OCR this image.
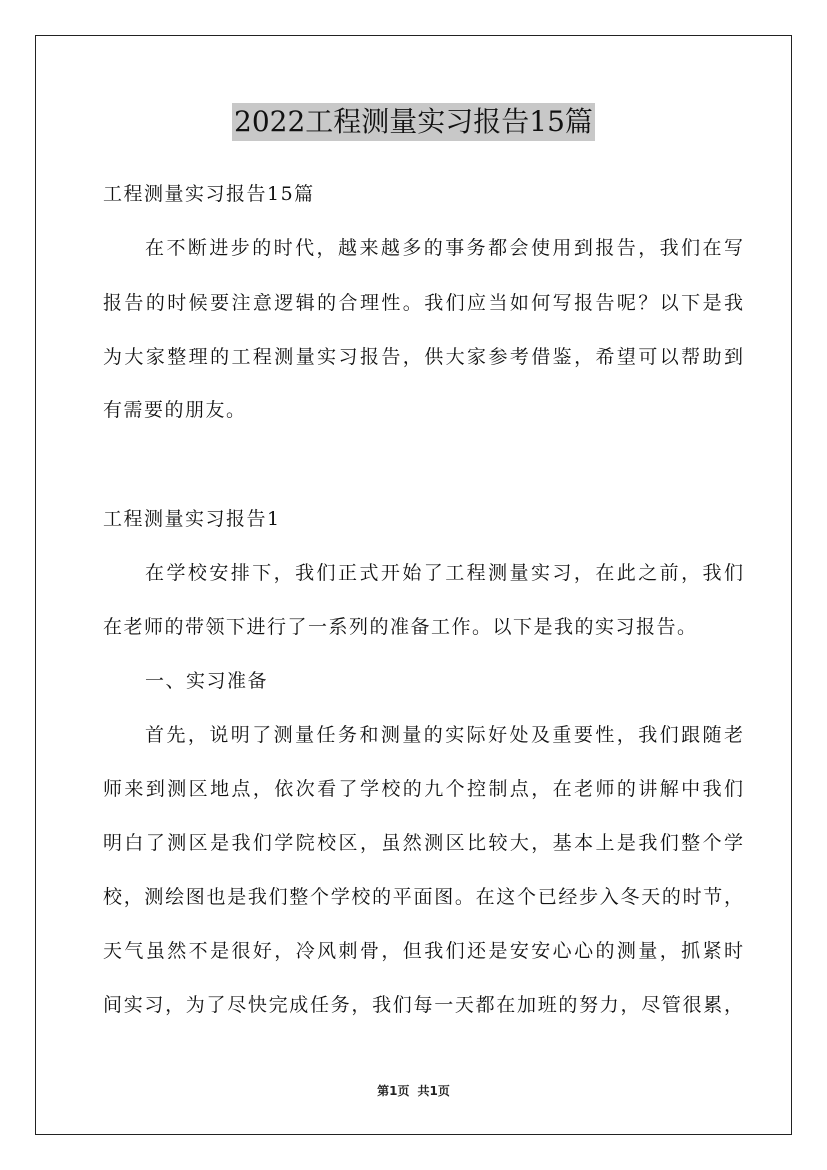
2022工程测量实习报告15篇
工程测量实习报告15篇
在不断进步的时代，越来越多的事务都会使用到报告，我们在写
报告的时候要注意逻辑的合理性。我们应当如何写报告呢？以下是我
为大家整理的工程测量实习报告，供大家参考借鉴，希望可以帮助到
有需要的朋友。
工程测量实习报告1
在学校安排下，我们正式开始了工程测量实习，在此之前，我们
在老师的带领下进行了一系列的准备工作。以下是我的实习报告。
一、实习准备
首先，说明了测量任务和测量的实际好处及重要性，我们跟随老
师来到测区地点，依次看了学校的九个控制点，在老师的讲解中我们
明白了测区是我们学院校区，虽然测区比较大，基本上是我们整个学
校，测绘图也是我们整个学校的平面图。在这个已经步入冬天的时节，
天气虽然不是很好，冷风刺骨，但我们还是安安心心的测量，抓紧时
间实习，为了尽快完成任务，我们每一天都在加班的努力，尽管很累，
第1页 共1页
